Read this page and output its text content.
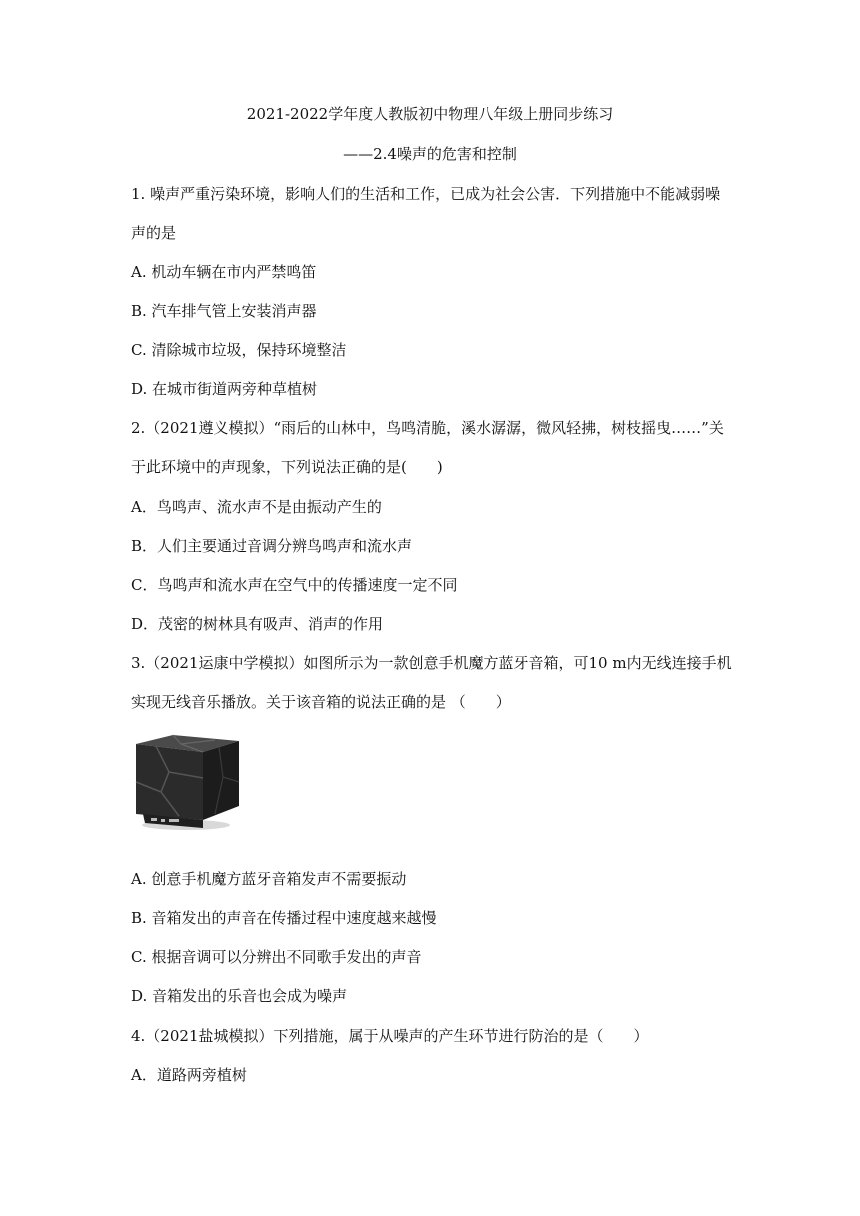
2021-2022学年度人教版初中物理八年级上册同步练习
——2.4噪声的危害和控制
1. 噪声严重污染环境，影响人们的生活和工作，已成为社会公害．下列措施中不能减弱噪
声的是
A. 机动车辆在市内严禁鸣笛
B. 汽车排气管上安装消声器
C. 清除城市垃圾，保持环境整洁
D. 在城市街道两旁种草植树
2.（2021遵义模拟）“雨后的山林中，鸟鸣清脆，溪水潺潺，微风轻拂，树枝摇曳……”关
于此环境中的声现象，下列说法正确的是(　　)
A．鸟鸣声、流水声不是由振动产生的
B．人们主要通过音调分辨鸟鸣声和流水声
C．鸟鸣声和流水声在空气中的传播速度一定不同
D．茂密的树林具有吸声、消声的作用
3.（2021运康中学模拟）如图所示为一款创意手机魔方蓝牙音箱，可10 m内无线连接手机
实现无线音乐播放。关于该音箱的说法正确的是 （　　）
A. 创意手机魔方蓝牙音箱发声不需要振动
B. 音箱发出的声音在传播过程中速度越来越慢
C. 根据音调可以分辨出不同歌手发出的声音
D. 音箱发出的乐音也会成为噪声
4.（2021盐城模拟）下列措施，属于从噪声的产生环节进行防治的是（　　）
A．道路两旁植树
